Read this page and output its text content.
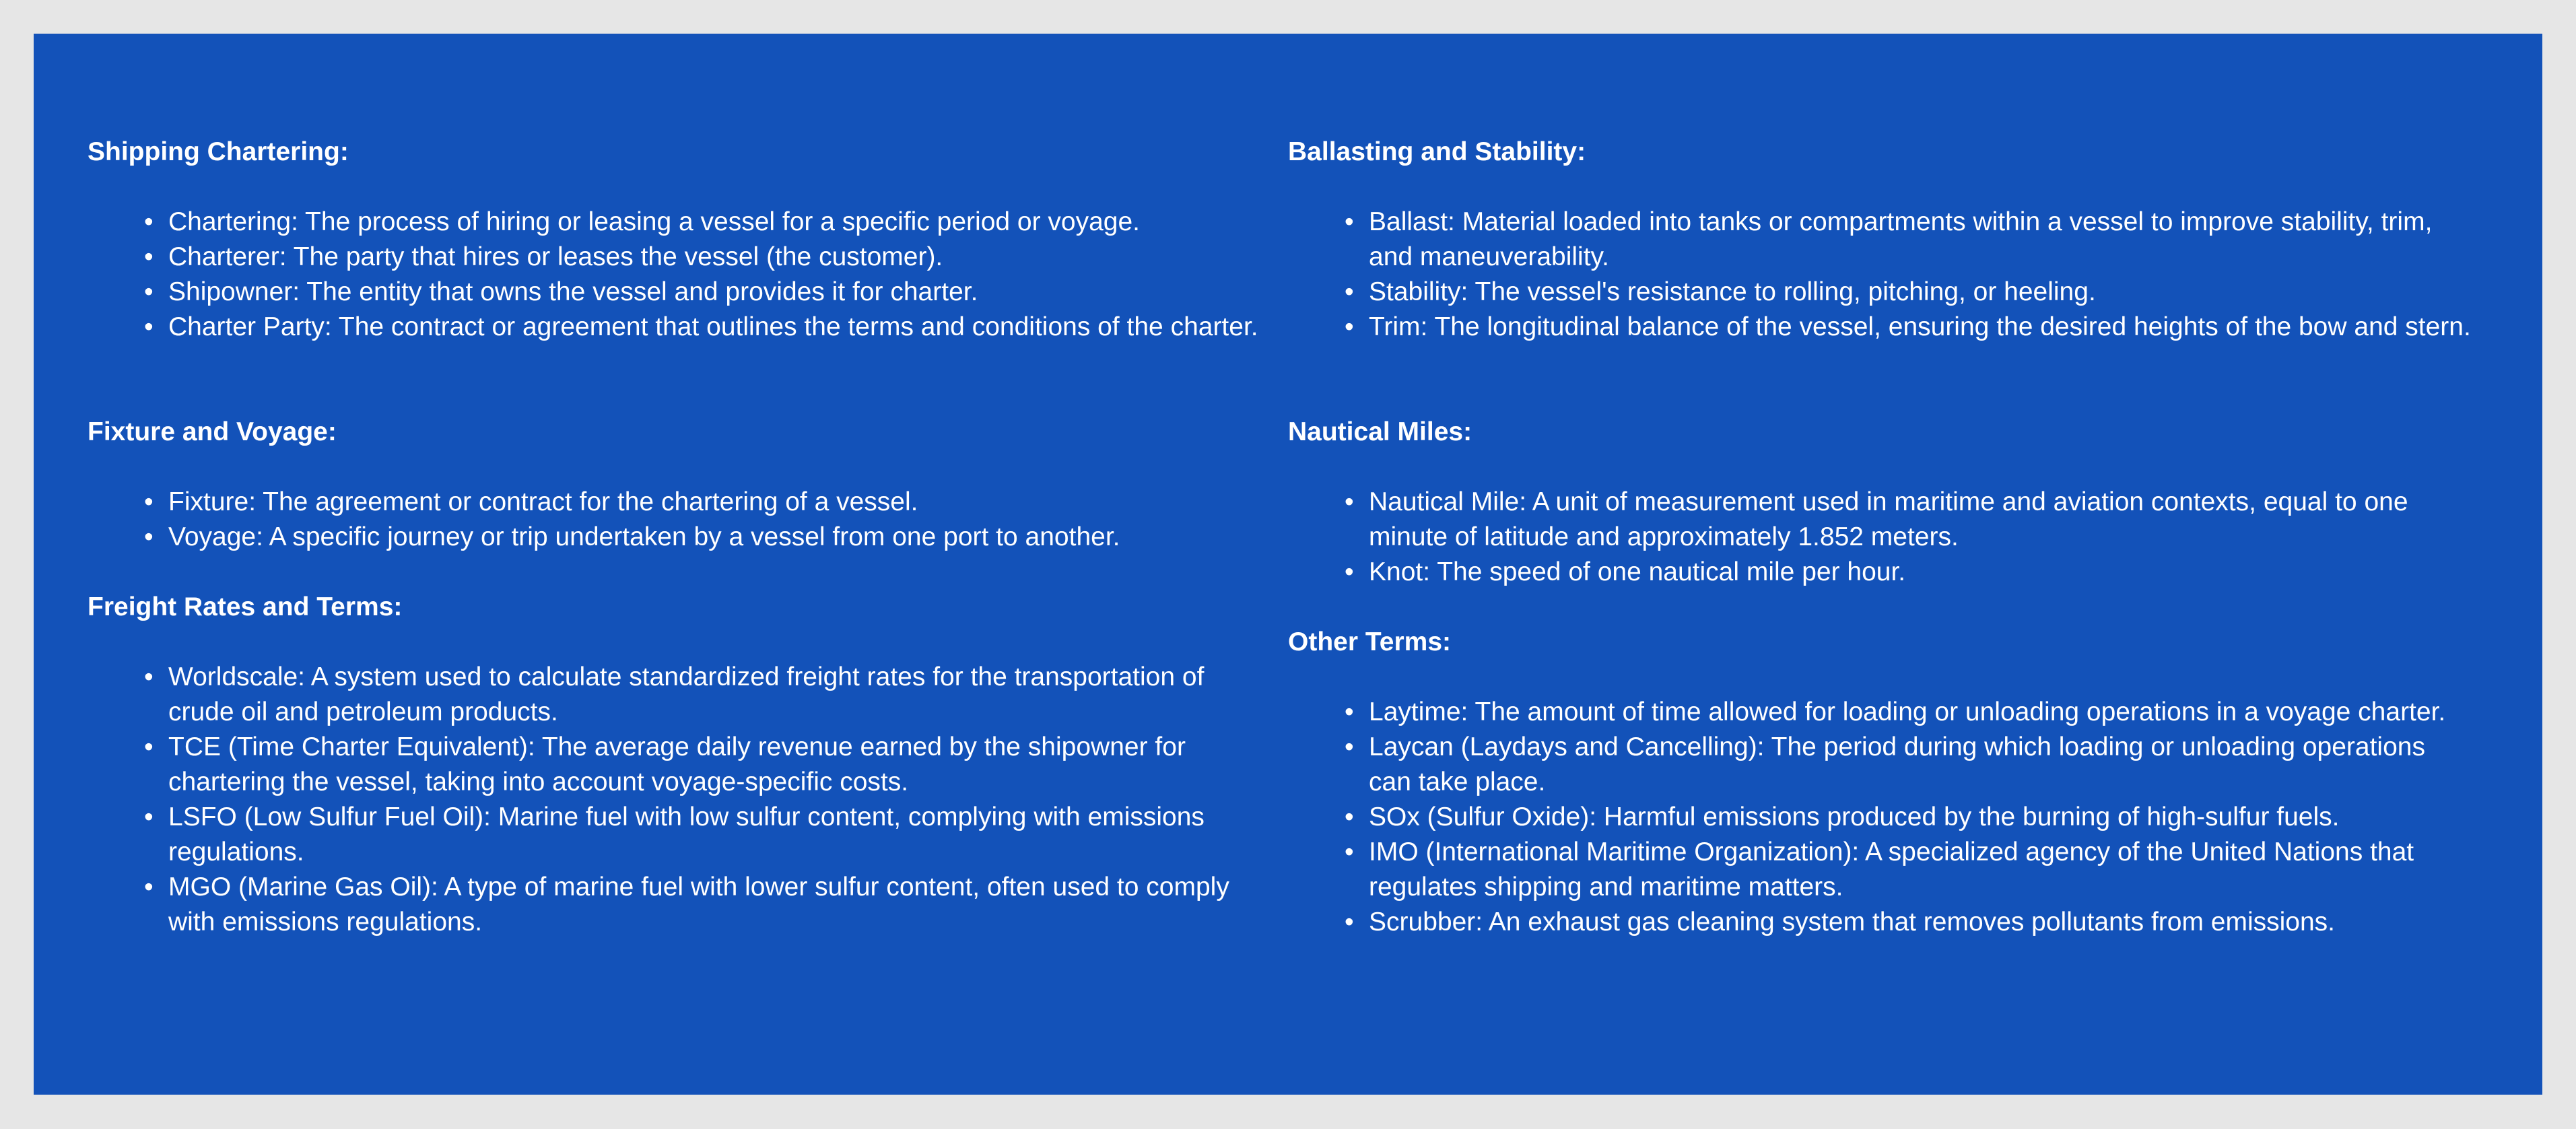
Shipping Chartering:
• Chartering: The process of hiring or leasing a vessel for a specific period or voyage.
• Charterer: The party that hires or leases the vessel (the customer).
• Shipowner: The entity that owns the vessel and provides it for charter.
• Charter Party: The contract or agreement that outlines the terms and conditions of the charter.
Fixture and Voyage:
• Fixture: The agreement or contract for the chartering of a vessel.
• Voyage: A specific journey or trip undertaken by a vessel from one port to another.
Freight Rates and Terms:
• Worldscale: A system used to calculate standardized freight rates for the transportation of crude oil and petroleum products.
• TCE (Time Charter Equivalent): The average daily revenue earned by the shipowner for chartering the vessel, taking into account voyage-specific costs.
• LSFO (Low Sulfur Fuel Oil): Marine fuel with low sulfur content, complying with emissions regulations.
• MGO (Marine Gas Oil): A type of marine fuel with lower sulfur content, often used to comply with emissions regulations.
Ballasting and Stability:
• Ballast: Material loaded into tanks or compartments within a vessel to improve stability, trim, and maneuverability.
• Stability: The vessel's resistance to rolling, pitching, or heeling.
• Trim: The longitudinal balance of the vessel, ensuring the desired heights of the bow and stern.
Nautical Miles:
• Nautical Mile: A unit of measurement used in maritime and aviation contexts, equal to one minute of latitude and approximately 1.852 meters.
• Knot: The speed of one nautical mile per hour.
Other Terms:
• Laytime: The amount of time allowed for loading or unloading operations in a voyage charter.
• Laycan (Laydays and Cancelling): The period during which loading or unloading operations can take place.
• SOx (Sulfur Oxide): Harmful emissions produced by the burning of high-sulfur fuels.
• IMO (International Maritime Organization): A specialized agency of the United Nations that regulates shipping and maritime matters.
• Scrubber: An exhaust gas cleaning system that removes pollutants from emissions.
